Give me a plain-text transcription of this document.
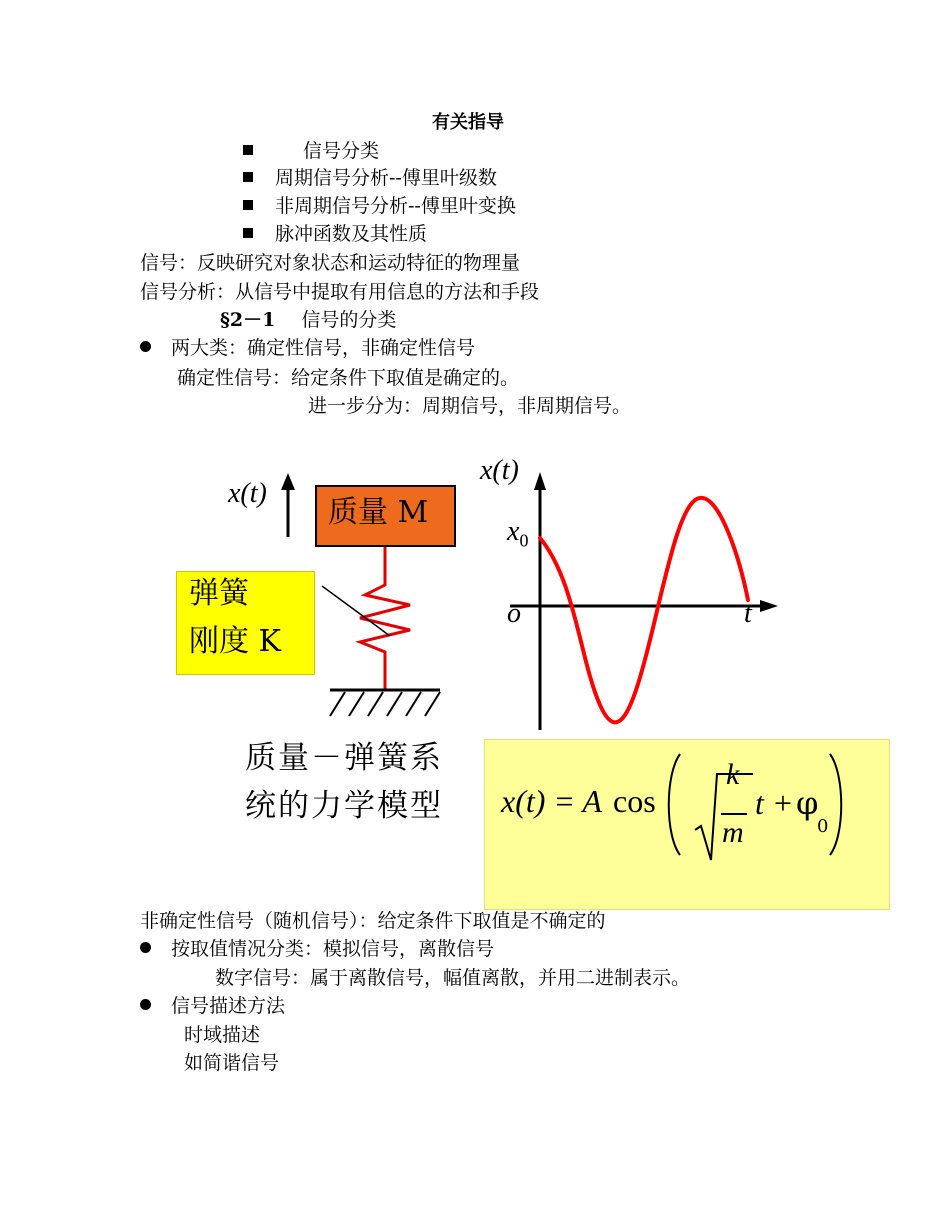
有关指导
信号分类
周期信号分析--傅里叶级数
非周期信号分析--傅里叶变换
脉冲函数及其性质
信号：反映研究对象状态和运动特征的物理量
信号分析：从信号中提取有用信息的方法和手段
§2－1 信号的分类
两大类：确定性信号，非确定性信号
确定性信号：给定条件下取值是确定的。
进一步分为：周期信号，非周期信号。
弹簧
刚度 K
质量 M
x(t)
x(t)
$x_0$
o	t
质量－弹簧系
统的力学模型 x(t) = A cos
k
m
t + φ
0
非确定性信号（随机信号）：给定条件下取值是不确定的
按取值情况分类：模拟信号，离散信号
数字信号：属于离散信号，幅值离散，并用二进制表示。
信号描述方法
时域描述
如简谐信号
